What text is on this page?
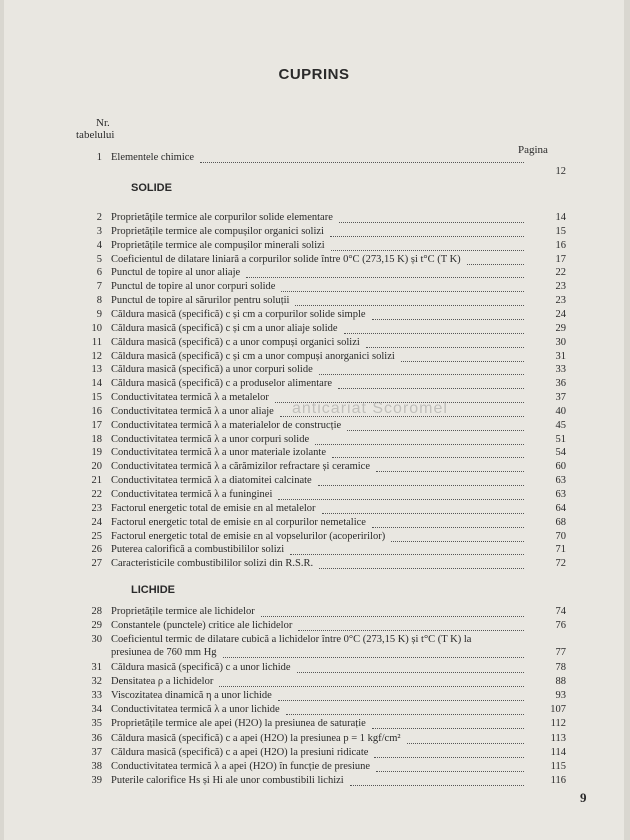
CUPRINS
Nr.
tabelului
Pagina
1 Elementele chimice
12
SOLIDE
2 Proprietățile termice ale corpurilor solide elementare	14
3 Proprietățile termice ale compușilor organici solizi	15
4 Proprietățile termice ale compușilor minerali solizi	16
5 Coeficientul de dilatare liniară a corpurilor solide între 0°C (273,15 K) și t°C (T K)	17
6 Punctul de topire al unor aliaje	22
7 Punctul de topire al unor corpuri solide	23
8 Punctul de topire al sărurilor pentru soluții	23
9 Căldura masică (specifică) c și cm a corpurilor solide simple	24
10 Căldura masică (specifică) c și cm a unor aliaje solide	29
11 Căldura masică (specifică) c a unor compuși organici solizi	30
12 Căldura masică (specifică) c și cm a unor compuși anorganici solizi	31
13 Căldura masică (specifică) a unor corpuri solide	33
14 Căldura masică (specifică) c a produselor alimentare	36
15 Conductivitatea termică λ a metalelor	37
16 Conductivitatea termică λ a unor aliaje	40
17 Conductivitatea termică λ a materialelor de construcție	45
18 Conductivitatea termică λ a unor corpuri solide	51
19 Conductivitatea termică λ a unor materiale izolante	54
20 Conductivitatea termică λ a cărămizilor refractare și ceramice	60
21 Conductivitatea termică λ a diatomitei calcinate	63
22 Conductivitatea termică λ a funinginei	63
23 Factorul energetic total de emisie εn al metalelor	64
24 Factorul energetic total de emisie εn al corpurilor nemetalice	68
25 Factorul energetic total de emisie εn al vopselurilor (acoperirilor)	70
26 Puterea calorifică a combustibililor solizi	71
27 Caracteristicile combustibililor solizi din R.S.R.	72
LICHIDE
28 Proprietățile termice ale lichidelor	74
29 Constantele (punctele) critice ale lichidelor	76
30 Coeficientul termic de dilatare cubică a lichidelor între 0°C (273,15 K) și t°C (T K) la
presiunea de 760 mm Hg	77
31 Căldura masică (specifică) c a unor lichide	78
32 Densitatea ρ a lichidelor	88
33 Viscozitatea dinamică η a unor lichide	93
34 Conductivitatea termică λ a unor lichide	107
35 Proprietățile termice ale apei (H2O) la presiunea de saturație	112
36 Căldura masică (specifică) c a apei (H2O) la presiunea p = 1 kgf/cm²	113
37 Căldura masică (specifică) c a apei (H2O) la presiuni ridicate	114
38 Conductivitatea termică λ a apei (H2O) în funcție de presiune	115
39 Puterile calorifice Hs și Hi ale unor combustibili lichizi	116
anticariat Scoromel
9
